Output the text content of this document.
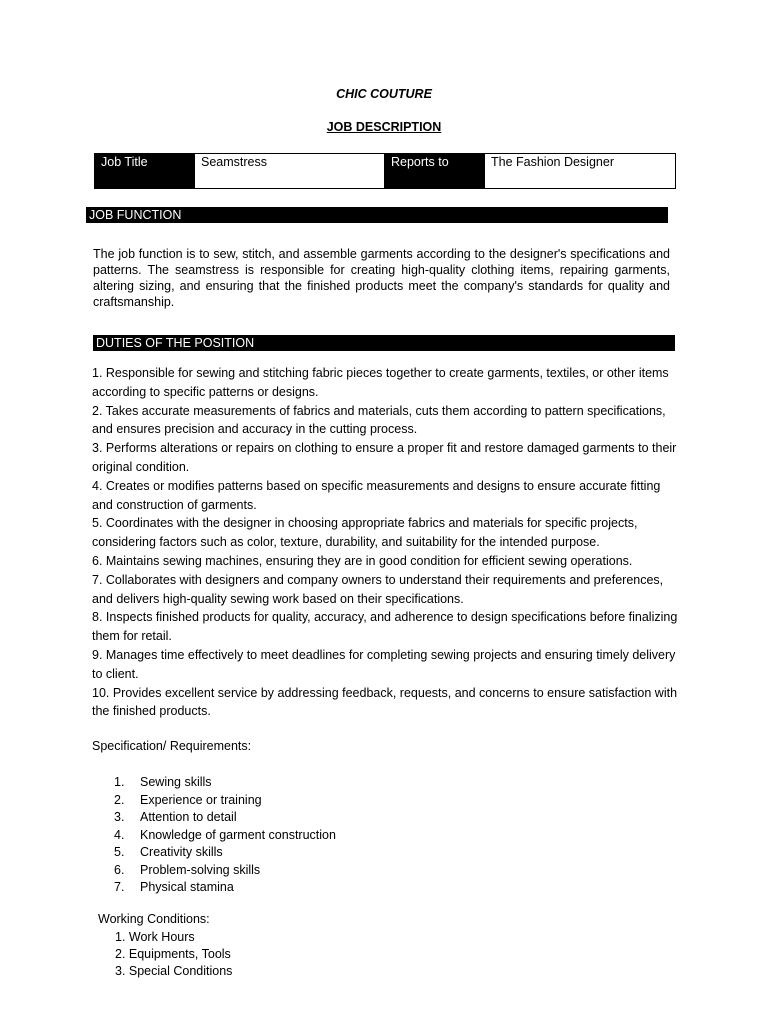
CHIC COUTURE
JOB DESCRIPTION
Job Title	Seamstress	Reports to	The Fashion Designer
JOB FUNCTION
The job function is to sew, stitch, and assemble garments according to the designer's specifications and patterns. The seamstress is responsible for creating high-quality clothing items, repairing garments, altering sizing, and ensuring that the finished products meet the company's standards for quality and craftsmanship.
DUTIES OF THE POSITION

1. Responsible for sewing and stitching fabric pieces together to create garments, textiles, or other items according to specific patterns or designs.

2. Takes accurate measurements of fabrics and materials, cuts them according to pattern specifications, and ensures precision and accuracy in the cutting process.

3. Performs alterations or repairs on clothing to ensure a proper fit and restore damaged garments to their original condition.

4. Creates or modifies patterns based on specific measurements and designs to ensure accurate fitting and construction of garments.

5. Coordinates with the designer in choosing appropriate fabrics and materials for specific projects, considering factors such as color, texture, durability, and suitability for the intended purpose.

6. Maintains sewing machines, ensuring they are in good condition for efficient sewing operations.

7. Collaborates with designers and company owners to understand their requirements and preferences, and delivers high-quality sewing work based on their specifications.

8. Inspects finished products for quality, accuracy, and adherence to design specifications before finalizing them for retail.

9. Manages time effectively to meet deadlines for completing sewing projects and ensuring timely delivery to client.

10. Provides excellent service by addressing feedback, requests, and concerns to ensure satisfaction with the finished products.

Specification/ Requirements:
1.	Sewing skills
2.	Experience or training
3.	Attention to detail
4.	Knowledge of garment construction
5.	Creativity skills
6.	Problem-solving skills
7.	Physical stamina
Working Conditions:
1. Work Hours
2. Equipments, Tools
3. Special Conditions
